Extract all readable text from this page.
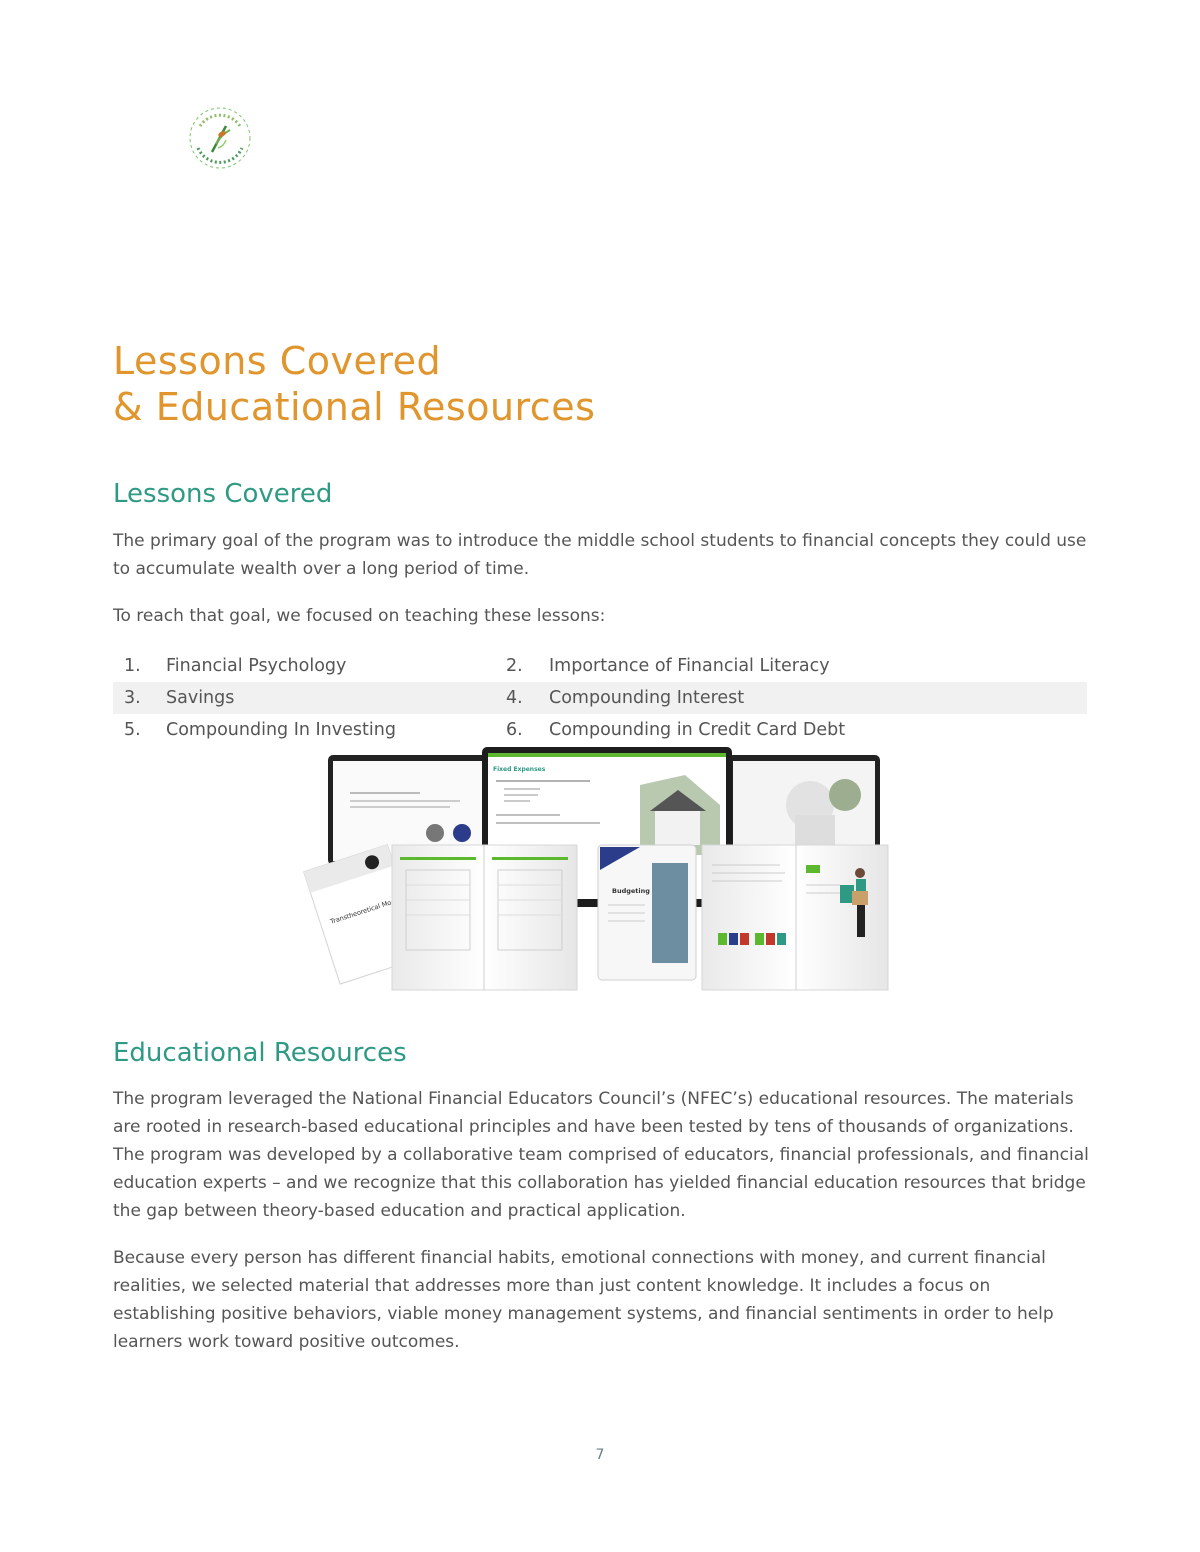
Lessons Covered
& Educational Resources
Lessons Covered

The primary goal of the program was to introduce the middle school students to financial concepts they could use to accumulate wealth over a long period of time.

To reach that goal, we focused on teaching these lessons:

1.	Financial Psychology	2.	Importance of Financial Literacy
3.	Savings	4.	Compounding Interest
5.	Compounding In Investing	6.	Compounding in Credit Card Debt
Fixed Expenses
Transtheoretical Model
Budgeting
Educational Resources

The program leveraged the National Financial Educators Council’s (NFEC’s) educational resources. The materials are rooted in research-based educational principles and have been tested by tens of thousands of organizations. The program was developed by a collaborative team comprised of educators, financial professionals, and financial education experts – and we recognize that this collaboration has yielded financial education resources that bridge the gap between theory-based education and practical application.

Because every person has different financial habits, emotional connections with money, and current financial realities, we selected material that addresses more than just content knowledge. It includes a focus on establishing positive behaviors, viable money management systems, and financial sentiments in order to help learners work toward positive outcomes.

7
